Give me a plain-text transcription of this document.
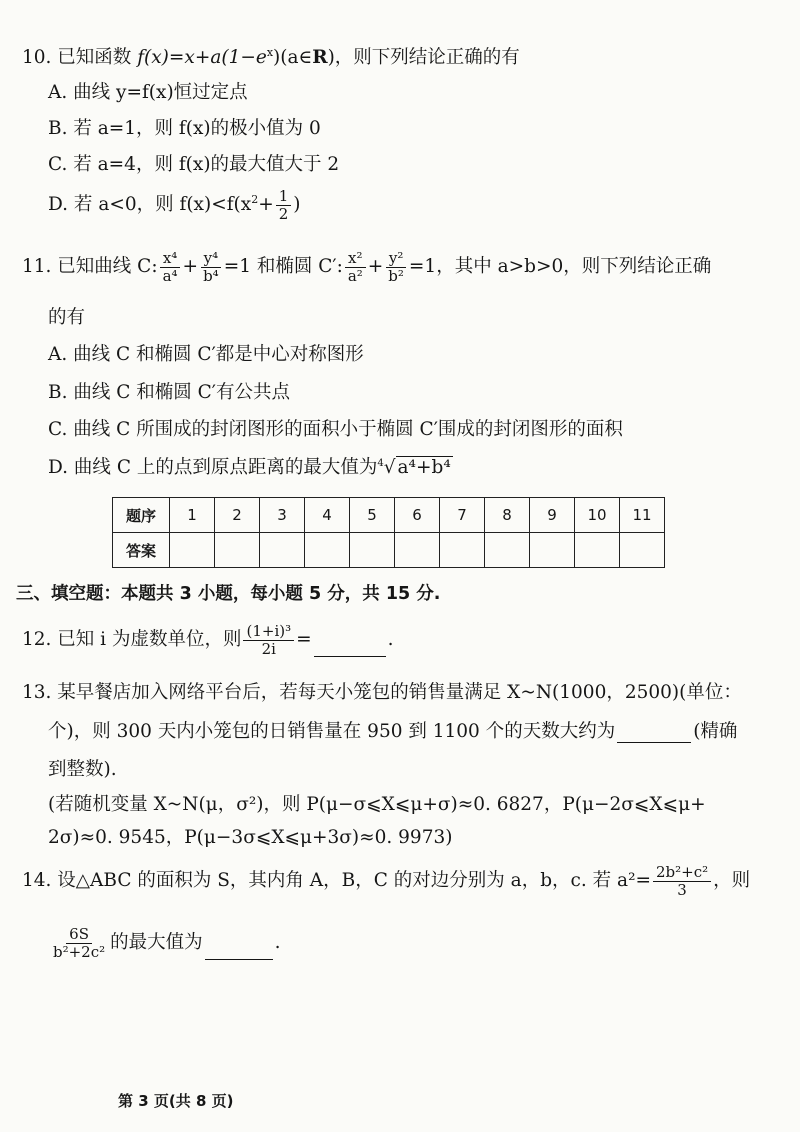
10. 已知函数 $f(x)=x+a(1-e^x)(a\in R)$，则下列结论正确的有
A. 曲线 y=f(x)恒过定点
B. 若 a=1，则 f(x)的极小值为 0
C. 若 a=4，则 f(x)的最大值大于 2
D. 若 a<0，则 $f(x)<f(x^2+ \frac{1}{2}$ )
11. 已知曲线 C: $\frac{\text{x⁴}}{\text{a⁴}} + \frac{\text{y⁴}}{\text{b⁴}} =1$ 和椭圆 C′: $\frac{\text{x²}}{\text{a²}} + \frac{\text{y²}}{\text{b²}} =1$，其中 a>b>0，则下列结论正确
的有
A. 曲线 C 和椭圆 C′都是中心对称图形
B. 曲线 C 和椭圆 C′有公共点
C. 曲线 C 所围成的封闭图形的面积小于椭圆 C′围成的封闭图形的面积
D. 曲线 C 上的点到原点距离的最大值为$^4$√ a⁴+b⁴
题序	1	2	3	4	5	6	7	8	9	10	11
答案											
三、填空题：本题共 3 小题，每小题 5 分，共 15 分.
12. 已知 i 为虚数单位，则 $\frac{\text{(1+i)³}}{2i}$ =	.
13. 某早餐店加入网络平台后，若每天小笼包的销售量满足 X~N(1000，2500)(单位：
个)，则 300 天内小笼包的日销售量在 950 到 1100 个的天数大约为	(精确
到整数).
(若随机变量 X~N(μ，σ²)，则 P(μ−σ⩽X⩽μ+σ)≈0. 6827，P(μ−2σ⩽X⩽μ+
2σ)≈0. 9545，P(μ−3σ⩽X⩽μ+3σ)≈0. 9973)
14. 设△ABC 的面积为 S，其内角 A，B，C 的对边分别为 a，b，c. 若 $a^2= \frac{\text{2b²+c²}}{3}$ ，则
$\frac{6S}{\text{b²+2c²}}$ 的最大值为	.
第 3 页(共 8 页)
